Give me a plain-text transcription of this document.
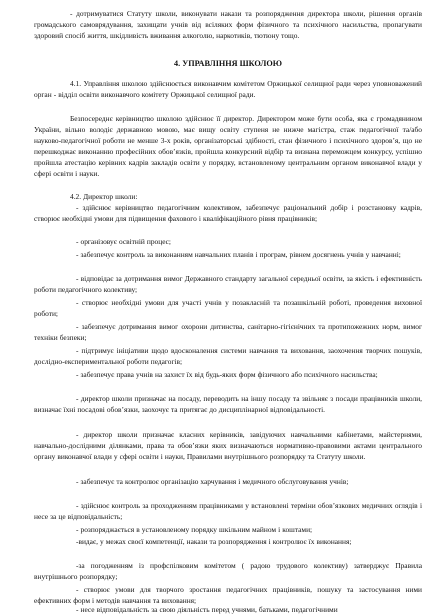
- дотримуватися Статуту школи, виконувати накази та розпорядження директора школи, рішення органів громадського самоврядування, захищати учнів від всіляких форм фізичного та психічного насильства, пропагувати здоровий спосіб життя, шкідливість вживання алкоголю, наркотиків, тютюну тощо.

4. УПРАВЛІННЯ ШКОЛОЮ

4.1. Управління школою здійснюється виконавчим комітетом Оржицької селищної ради через уповноважений орган - відділ освіти виконавчого комітету Оржицької селищної ради.

Безпосереднє керівництво школою здійснює її директор. Директором може бути особа, яка є громадянином України, вільно володіє державною мовою, має вищу освіту ступеня не нижче магістра, стаж педагогічної та/або науково-педагогічної роботи не менше 3-х років, організаторські здібності, стан фізичного і психічного здоров’я, що не перешкоджає виконанню професійних обов’язків, пройшла конкурсний відбір та визнана переможцем конкурсу, успішно пройшла атестацію керівних кадрів закладів освіти у порядку, встановленому центральним органом виконавчої влади у сфері освіти і науки.

4.2. Директор школи:

- здійснює керівництво педагогічним колективом, забезпечує раціональний добір і розстановку кадрів, створює необхідні умови для підвищення фахового і кваліфікаційного рівня працівників;

- організовує освітній процес;

- забезпечує контроль за виконанням навчальних планів і програм, рівнем досягнень учнів у навчанні;

- відповідає за дотримання вимог Державного стандарту загальної середньої освіти, за якість і ефективність роботи педагогічного колективу;

- створює необхідні умови для участі учнів у позакласній та позашкільній роботі, проведення виховної роботи;

- забезпечує дотримання вимог охорони дитинства, санітарно-гігієнічних та протипожежних норм, вимог техніки безпеки;

- підтримує ініціативи щодо вдосконалення системи навчання та виховання, заохочення творчих пошуків, дослідно-експериментальної роботи педагогів;

- забезпечує права учнів на захист їх від будь-яких форм фізичного або психічного насильства;

- директор школи призначає на посаду, переводить на іншу посаду та звільняє з посади працівників школи, визначає їхні посадові обов’язки, заохочує та притягає до дисциплінарної відповідальності.

- директор школи призначає класних керівників, завідуючих навчальними кабінетами, майстернями, навчально-дослідними ділянками, права та обов’язки яких визначаються нормативно-правовими актами центрального органу виконавчої влади у сфері освіти і науки, Правилами внутрішнього розпорядку та Статуту школи.

- забезпечує та контролює організацію харчування і медичного обслуговування учнів;

- здійснює контроль за проходженням працівниками у встановлені терміни обов’язкових медичних оглядів і несе за це відповідальність;

- розпоряджається в установленому порядку шкільним майном і коштами;

-видає, у межах своєї компетенції, накази та розпорядження і контролює їх виконання;

-за погодженням із профспілковим комітетом ( радою трудового колективу) затверджує Правила внутрішнього розпорядку;

- створює умови для творчого зростання педагогічних працівників, пошуку та застосування ними ефективних форм і методів навчання та виховання;

- несе відповідальність за свою діяльність перед учнями, батьками, педагогічними
